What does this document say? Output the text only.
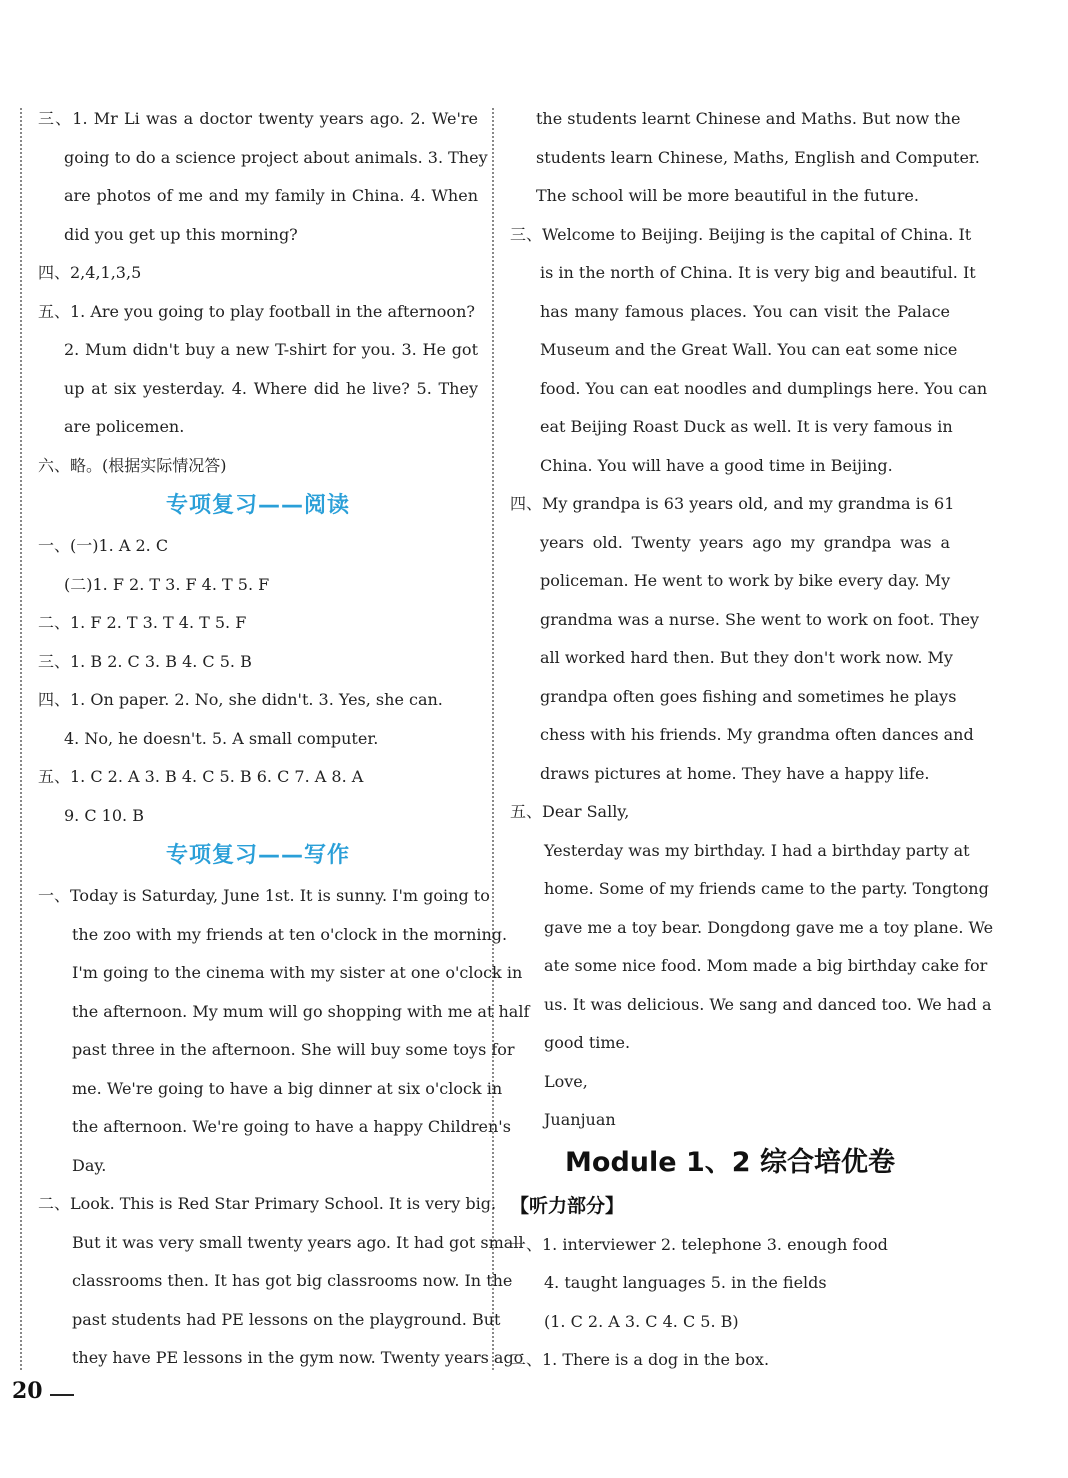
三、1. Mr Li was a doctor twenty years ago. 2. We're
going to do a science project about animals. 3. They
are photos of me and my family in China. 4. When
did you get up this morning?
四、2,4,1,3,5
五、1. Are you going to play football in the afternoon?
2. Mum didn't buy a new T-shirt for you. 3. He got
up at six yesterday. 4. Where did he live? 5. They
are policemen.
六、略。(根据实际情况答)
专项复习——阅读
一、(一)1. A 2. C
(二)1. F 2. T 3. F 4. T 5. F
二、1. F 2. T 3. T 4. T 5. F
三、1. B 2. C 3. B 4. C 5. B
四、1. On paper. 2. No, she didn't. 3. Yes, she can.
4. No, he doesn't. 5. A small computer.
五、1. C 2. A 3. B 4. C 5. B 6. C 7. A 8. A
9. C 10. B
专项复习——写作
一、Today is Saturday, June 1st. It is sunny. I'm going to
the zoo with my friends at ten o'clock in the morning.
I'm going to the cinema with my sister at one o'clock in
the afternoon. My mum will go shopping with me at half
past three in the afternoon. She will buy some toys for
me. We're going to have a big dinner at six o'clock in
the afternoon. We're going to have a happy Children's
Day.
二、Look. This is Red Star Primary School. It is very big.
But it was very small twenty years ago. It had got small
classrooms then. It has got big classrooms now. In the
past students had PE lessons on the playground. But
they have PE lessons in the gym now. Twenty years ago
the students learnt Chinese and Maths. But now the
students learn Chinese, Maths, English and Computer.
The school will be more beautiful in the future.
三、Welcome to Beijing. Beijing is the capital of China. It
is in the north of China. It is very big and beautiful. It
has many famous places. You can visit the Palace
Museum and the Great Wall. You can eat some nice
food. You can eat noodles and dumplings here. You can
eat Beijing Roast Duck as well. It is very famous in
China. You will have a good time in Beijing.
四、My grandpa is 63 years old, and my grandma is 61
years old. Twenty years ago my grandpa was a
policeman. He went to work by bike every day. My
grandma was a nurse. She went to work on foot. They
all worked hard then. But they don't work now. My
grandpa often goes fishing and sometimes he plays
chess with his friends. My grandma often dances and
draws pictures at home. They have a happy life.
五、Dear Sally,
Yesterday was my birthday. I had a birthday party at
home. Some of my friends came to the party. Tongtong
gave me a toy bear. Dongdong gave me a toy plane. We
ate some nice food. Mom made a big birthday cake for
us. It was delicious. We sang and danced too. We had a
good time.
Love,
Juanjuan
Module 1、2 综合培优卷
【听力部分】
一、1. interviewer 2. telephone 3. enough food
4. taught languages 5. in the fields
(1. C 2. A 3. C 4. C 5. B)
二、1. There is a dog in the box.
20
